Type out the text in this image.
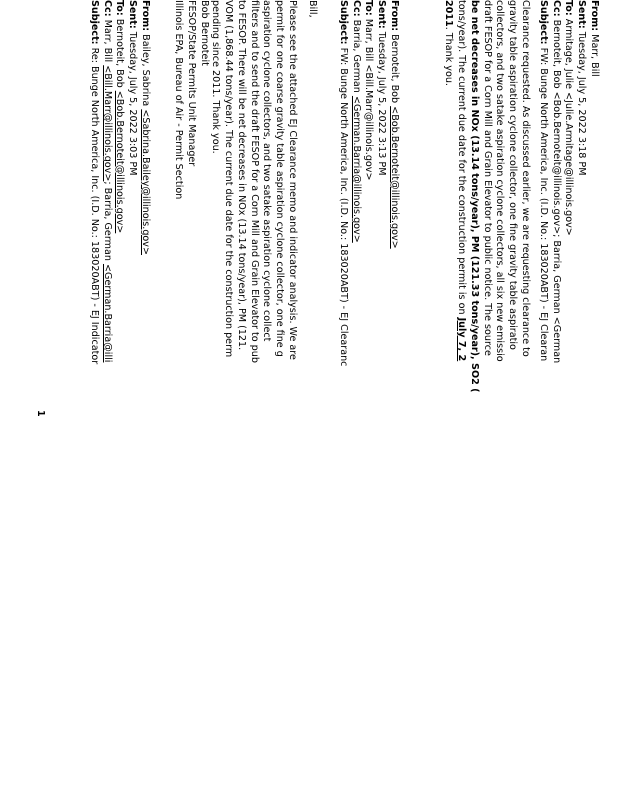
From: Marr, Bill
Sent: Tuesday, July 5, 2022 3:18 PM
To: Armitage, Julie <Julie.Armitage@illinois.gov>
Cc: Bernoteit, Bob <Bob.Bernoteit@illinois.gov>; Barria, German <German
Subject: FW: Bunge North America, Inc. (I.D. No.: 183020ABT) - EJ Clearan
Clearance requested. As discussed earlier, we are requesting clearance to
gravity table aspiration cyclone collector, one fine gravity table aspiratio
collectors, and two satake aspiration cyclone collectors, all six new emissio
draft FESOP for a Corn Mill and Grain Elevator to public notice. The source
be net decreases in NOx (13.14 tons/year), PM (121.33 tons/year), SO2 (
tons/year). The current due date for the construction permit is on July 7, 2
2011. Thank you.
From: Bernoteit, Bob <Bob.Bernoteit@illinois.gov>
Sent: Tuesday, July 5, 2022 3:13 PM
To: Marr, Bill <Bill.Marr@illinois.gov>
Cc: Barria, German <German.Barria@illinois.gov>
Subject: FW: Bunge North America, Inc. (I.D. No.: 183020ABT) - EJ Clearanc
Bill,
Please see the attached EJ Clearance memo and indicator analysis. We are
permit for one coarse gravity table aspiration cyclone collector, one fine g
aspiration cyclone collectors, and two satake aspiration cyclone collect
filters and to send the draft FESOP for a Corn Mill and Grain Elevator to pub
to FESOP. There will be net decreases in NOx (13.14 tons/year), PM (121.
VOM (1,868.44 tons/year). The current due date for the construction perm
pending since 2011. Thank you.
Bob Bernoteit
FESOP/State Permits Unit Manager
Illinois EPA, Bureau of Air - Permit Section
From: Bailey, Sabrina <Sabrina.Bailey@illinois.gov>
Sent: Tuesday, July 5, 2022 3:03 PM
To: Bernoteit, Bob <Bob.Bernoteit@illinois.gov>
Cc: Marr, Bill <Bill.Marr@illinois.gov>; Barria, German <German.Barria@illi
Subject: Re: Bunge North America, Inc. (I.D. No.: 183020ABT) - EJ Indicator
1
